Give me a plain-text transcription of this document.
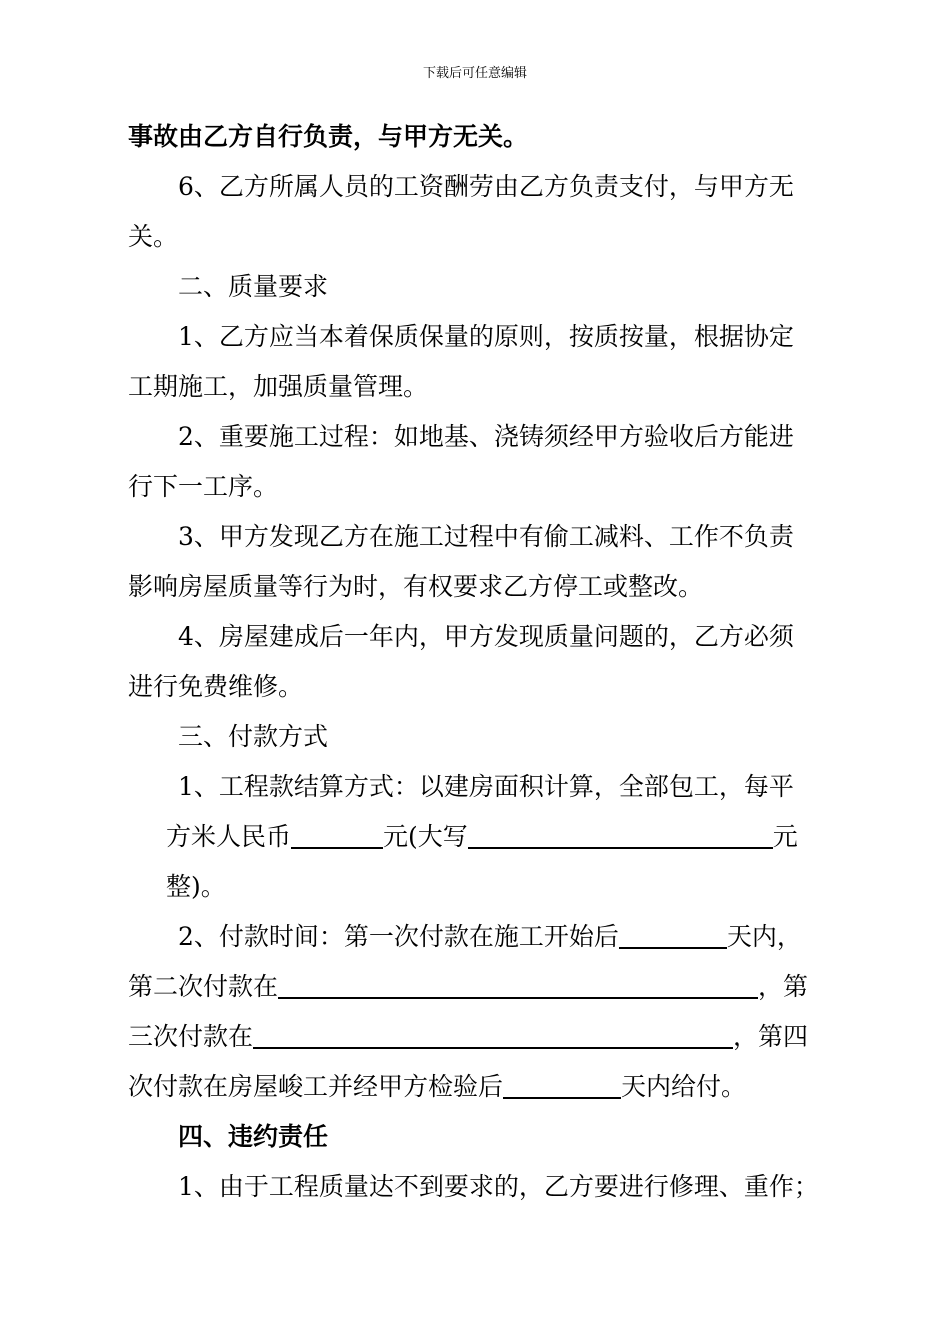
下载后可任意编辑
事故由乙方自行负责，与甲方无关。
6、乙方所属人员的工资酬劳由乙方负责支付，与甲方无
关。
二、质量要求
1、乙方应当本着保质保量的原则，按质按量，根据协定
工期施工，加强质量管理。
2、重要施工过程：如地基、浇铸须经甲方验收后方能进
行下一工序。
3、甲方发现乙方在施工过程中有偷工减料、工作不负责
影响房屋质量等行为时，有权要求乙方停工或整改。
4、房屋建成后一年内，甲方发现质量问题的，乙方必须
进行免费维修。
三、付款方式
1、工程款结算方式：以建房面积计算，全部包工，每平
方米人民币	元(大写	元
整)。
2、付款时间：第一次付款在施工开始后	天内，
第二次付款在	，第
三次付款在	，第四
次付款在房屋峻工并经甲方检验后	天内给付。
四、违约责任
1、由于工程质量达不到要求的，乙方要进行修理、重作；
